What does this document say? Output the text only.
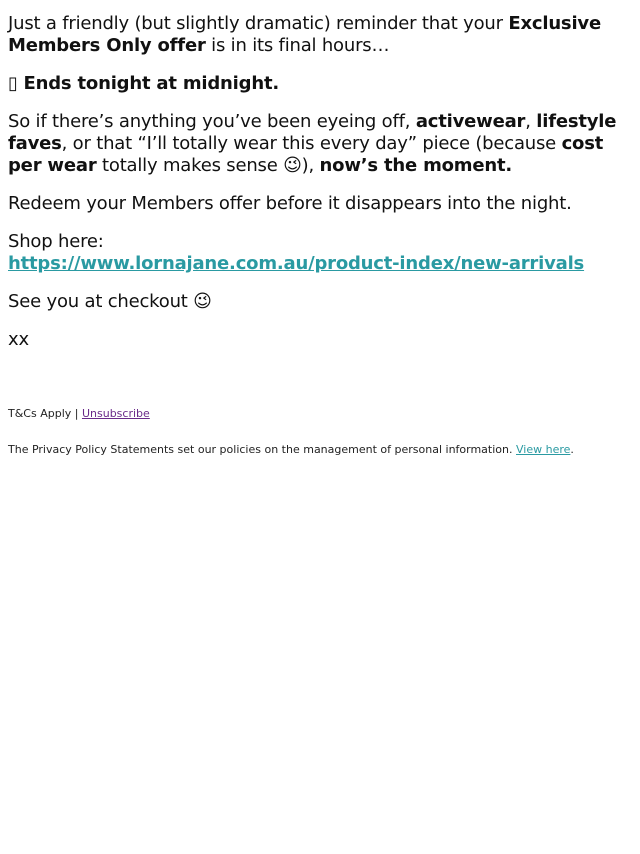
Just a friendly (but slightly dramatic) reminder that your Exclusive Members Only offer is in its final hours…

▯ Ends tonight at midnight.

So if there’s anything you’ve been eyeing off, activewear, lifestyle faves, or that “I’ll totally wear this every day” piece (because cost per wear totally makes sense 😉), now’s the moment.

Redeem your Members offer before it disappears into the night.

Shop here:
https://www.lornajane.com.au/product-index/new-arrivals

See you at checkout 😉

xx

T&Cs Apply | Unsubscribe
The Privacy Policy Statements set our policies on the management of personal information. View here.
